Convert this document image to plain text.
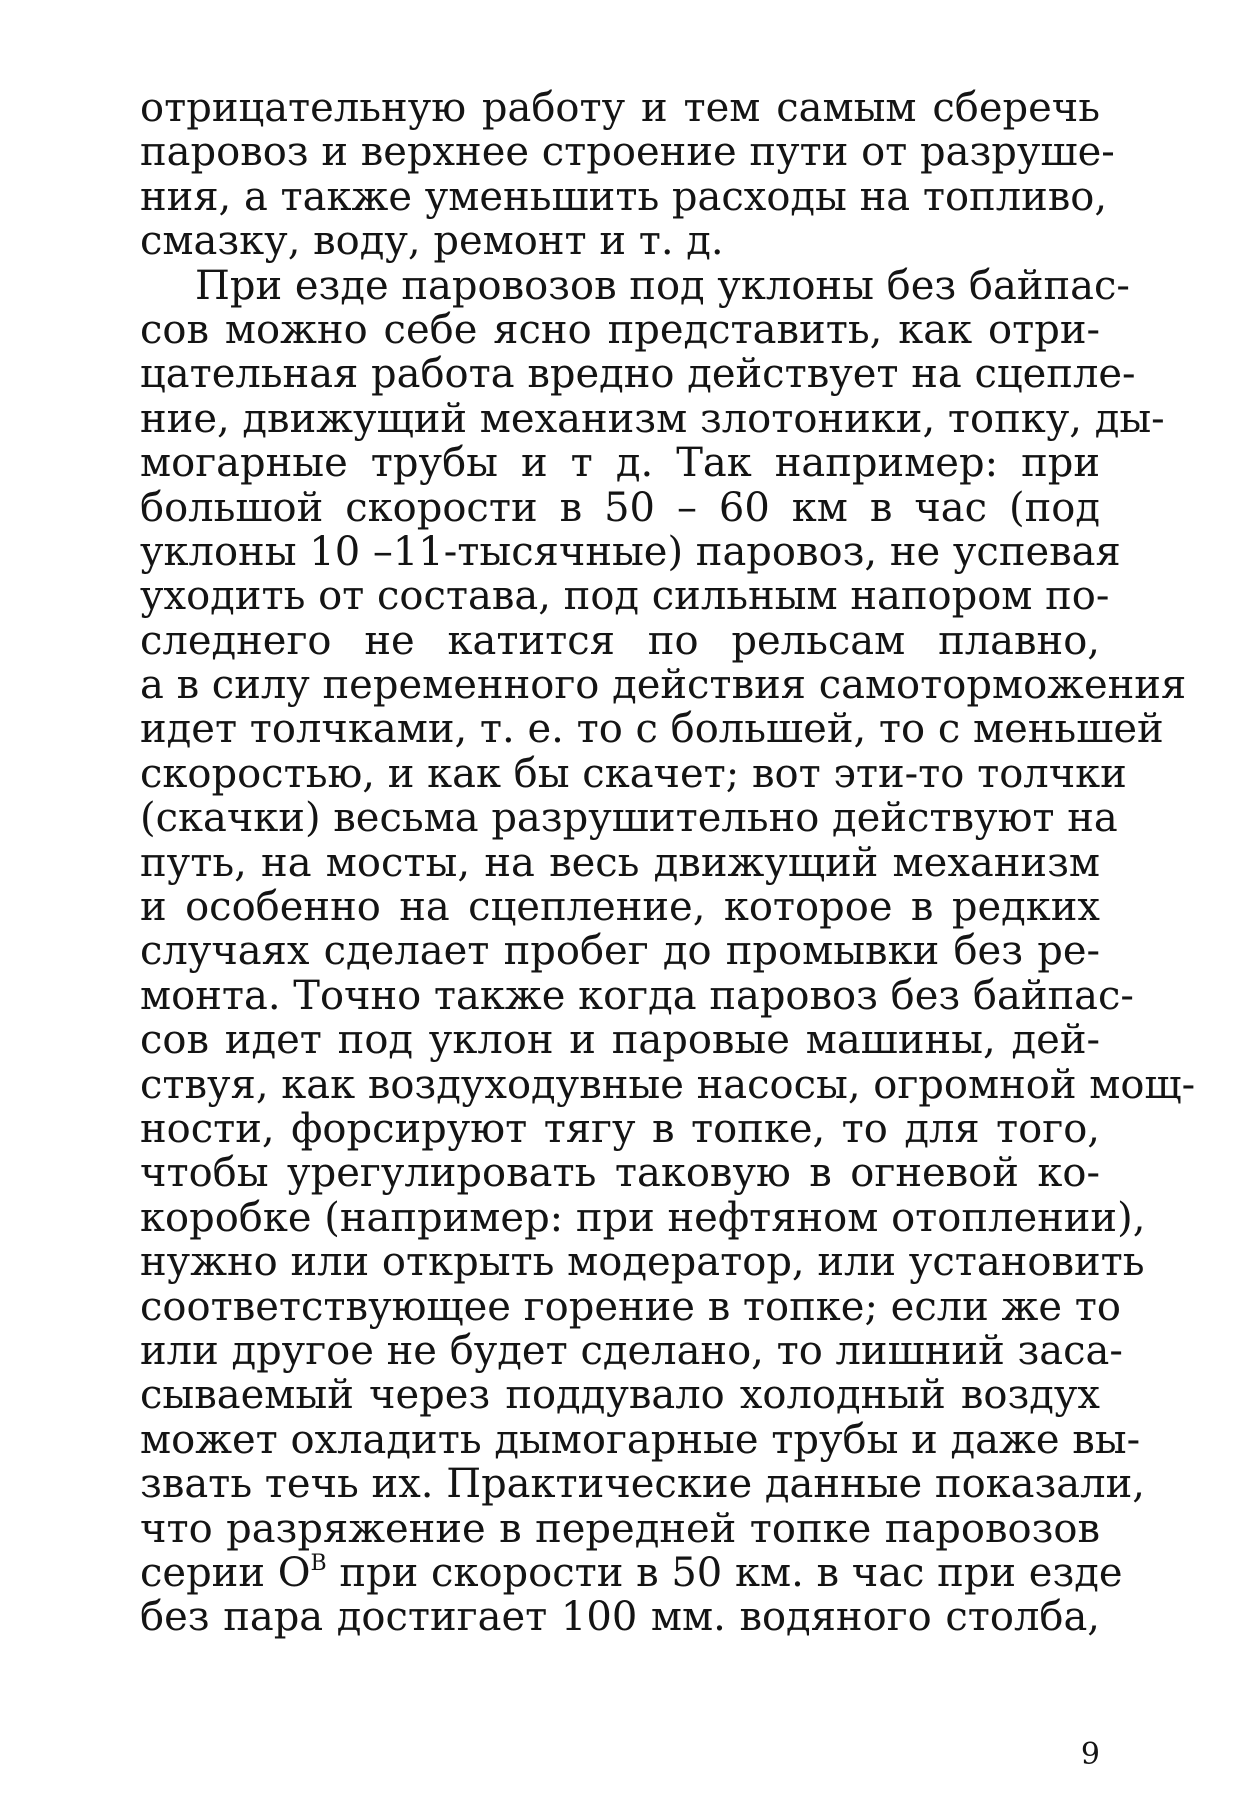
отрицательную работу и тем самым сберечь
паровоз и верхнее строение пути от разруше-
ния, а также уменьшить расходы на топливо,
смазку, воду, ремонт и т. д.
При езде паровозов под уклоны без байпас-
сов можно себе ясно представить, как отри-
цательная работа вредно действует на сцепле-
ние, движущий механизм злотоники, топку, ды-
могарные трубы и т д. Так например: при
большой скорости в 50 – 60 км в час (под
уклоны 10 –11-тысячные) паровоз, не успевая
уходить от состава, под сильным напором по-
следнего не катится по рельсам плавно,
а в силу переменного действия самоторможения
идет толчками, т. е. то с большей, то с меньшей
скоростью, и как бы скачет; вот эти-то толчки
(скачки) весьма разрушительно действуют на
путь, на мосты, на весь движущий механизм
и особенно на сцепление, которое в редких
случаях сделает пробег до промывки без ре-
монта. Точно также когда паровоз без байпас-
сов идет под уклон и паровые машины, дей-
ствуя, как воздуходувные насосы, огромной мощ-
ности, форсируют тягу в топке, то для того,
чтобы урегулировать таковую в огневой ко-
коробке (например: при нефтяном отоплении),
нужно или открыть модератор, или установить
соответствующее горение в топке; если же то
или другое не будет сделано, то лишний заса-
сываемый через поддувало холодный воздух
может охладить дымогарные трубы и даже вы-
звать течь их. Практические данные показали,
что разряжение в передней топке паровозов
серии $О^В$ при скорости в 50 км. в час при езде
без пара достигает 100 мм. водяного столба,
9
